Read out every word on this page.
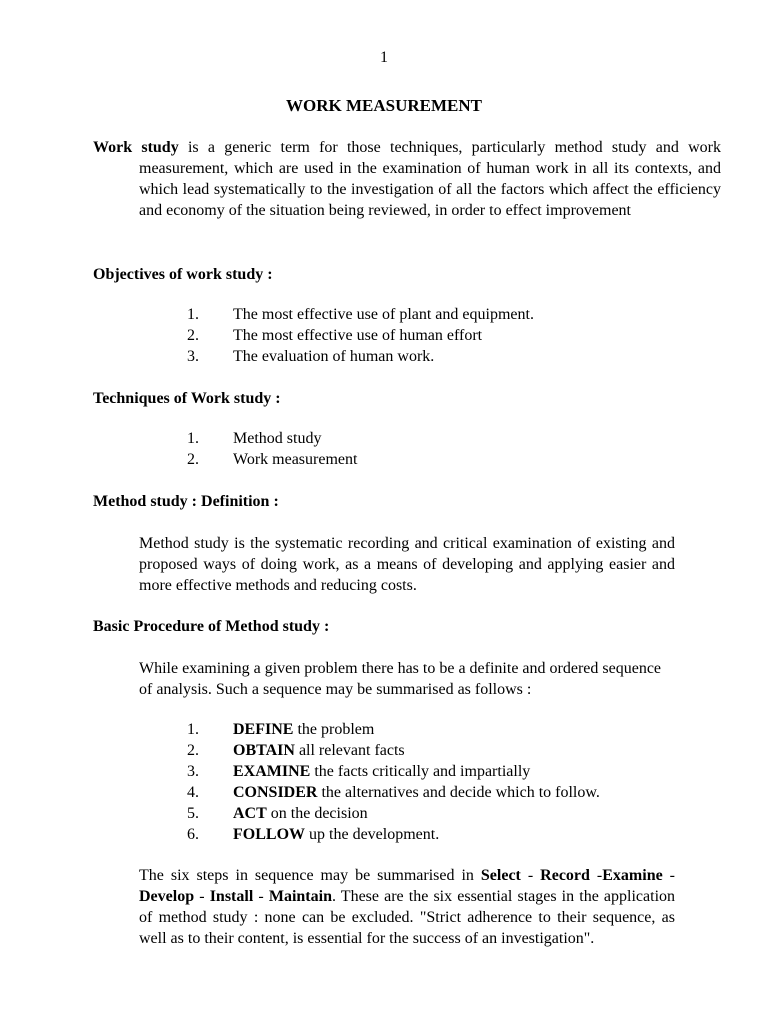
1
WORK MEASUREMENT
Work study is a generic term for those techniques, particularly method study and work measurement, which are used in the examination of human work in all its contexts, and which lead systematically to the investigation of all the factors which affect the efficiency and economy of the situation being reviewed, in order to effect improvement
Objectives of work study :
1. The most effective use of plant and equipment.
2. The most effective use of human effort
3. The evaluation of human work.
Techniques of Work study :
1. Method study
2. Work measurement
Method study : Definition :
Method study is the systematic recording and critical examination of existing and proposed ways of doing work, as a means of developing and applying easier and more effective methods and reducing costs.
Basic Procedure of Method study :
While examining a given problem there has to be a definite and ordered sequence of analysis. Such a sequence may be summarised as follows :
1. DEFINE the problem
2. OBTAIN all relevant facts
3. EXAMINE the facts critically and impartially
4. CONSIDER the alternatives and decide which to follow.
5. ACT on the decision
6. FOLLOW up the development.
The six steps in sequence may be summarised in Select - Record -Examine - Develop - Install - Maintain. These are the six essential stages in the application of method study : none can be excluded. "Strict adherence to their sequence, as well as to their content, is essential for the success of an investigation".
